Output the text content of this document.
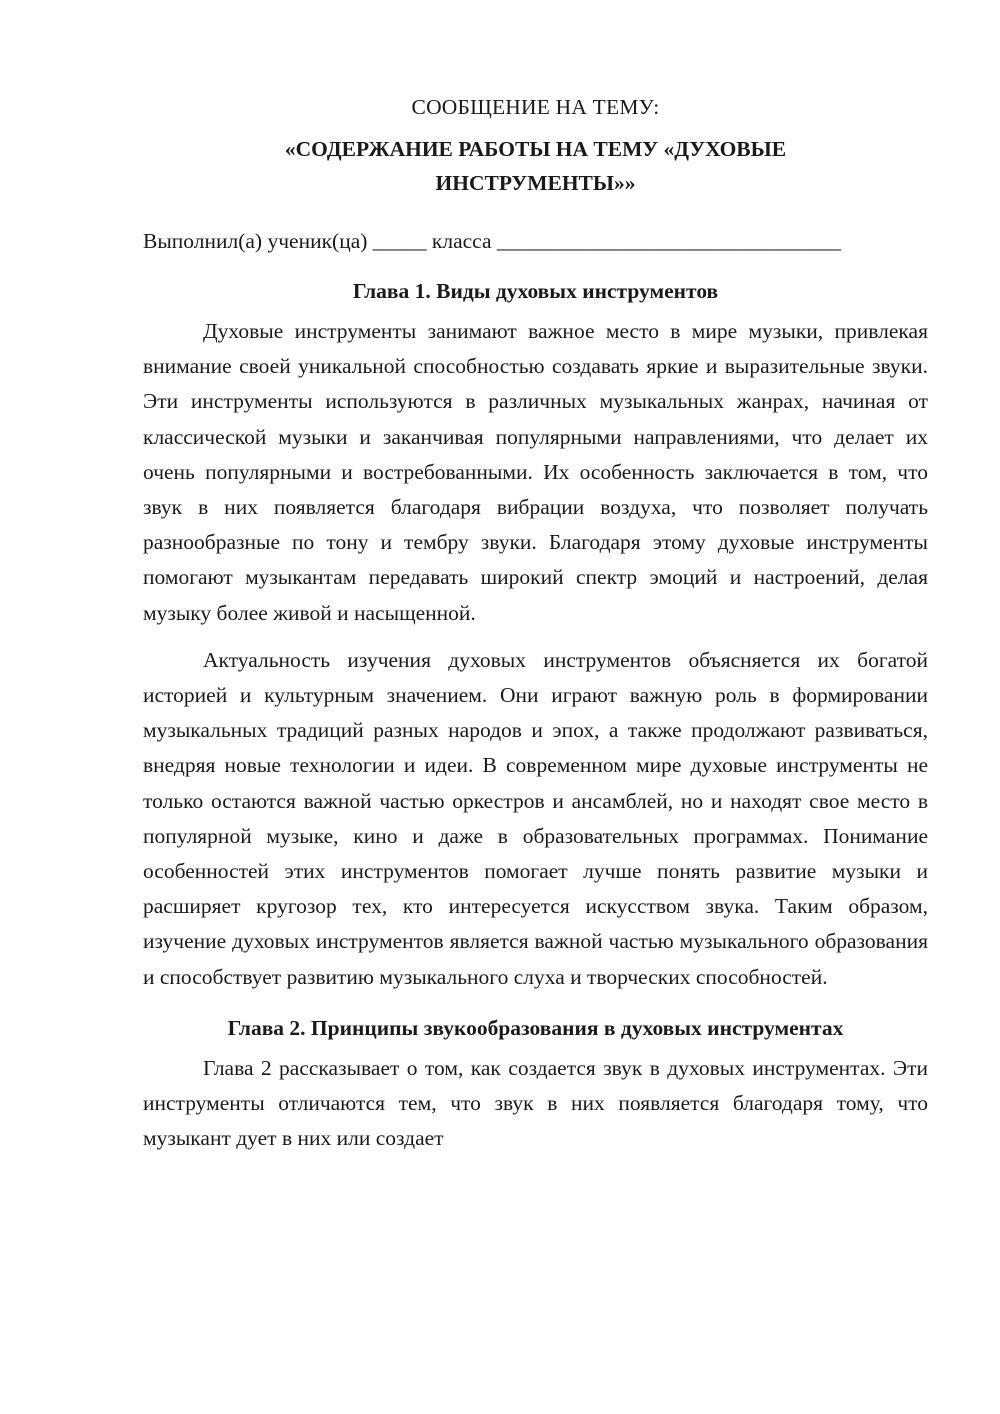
СООБЩЕНИЕ НА ТЕМУ:

«СОДЕРЖАНИЕ РАБОТЫ НА ТЕМУ «ДУХОВЫЕ
ИНСТРУМЕНТЫ»»

Выполнил(а) ученик(ца) _____ класса ________________________________

Глава 1. Виды духовых инструментов

Духовые инструменты занимают важное место в мире музыки, привлекая внимание своей уникальной способностью создавать яркие и выразительные звуки. Эти инструменты используются в различных музыкальных жанрах, начиная от классической музыки и заканчивая популярными направлениями, что делает их очень популярными и востребованными. Их особенность заключается в том, что звук в них появляется благодаря вибрации воздуха, что позволяет получать разнообразные по тону и тембру звуки. Благодаря этому духовые инструменты помогают музыкантам передавать широкий спектр эмоций и настроений, делая музыку более живой и насыщенной.

Актуальность изучения духовых инструментов объясняется их богатой историей и культурным значением. Они играют важную роль в формировании музыкальных традиций разных народов и эпох, а также продолжают развиваться, внедряя новые технологии и идеи. В современном мире духовые инструменты не только остаются важной частью оркестров и ансамблей, но и находят свое место в популярной музыке, кино и даже в образовательных программах. Понимание особенностей этих инструментов помогает лучше понять развитие музыки и расширяет кругозор тех, кто интересуется искусством звука. Таким образом, изучение духовых инструментов является важной частью музыкального образования и способствует развитию музыкального слуха и творческих способностей.

Глава 2. Принципы звукообразования в духовых инструментах

Глава 2 рассказывает о том, как создается звук в духовых инструментах. Эти инструменты отличаются тем, что звук в них появляется благодаря тому, что музыкант дует в них или создает
